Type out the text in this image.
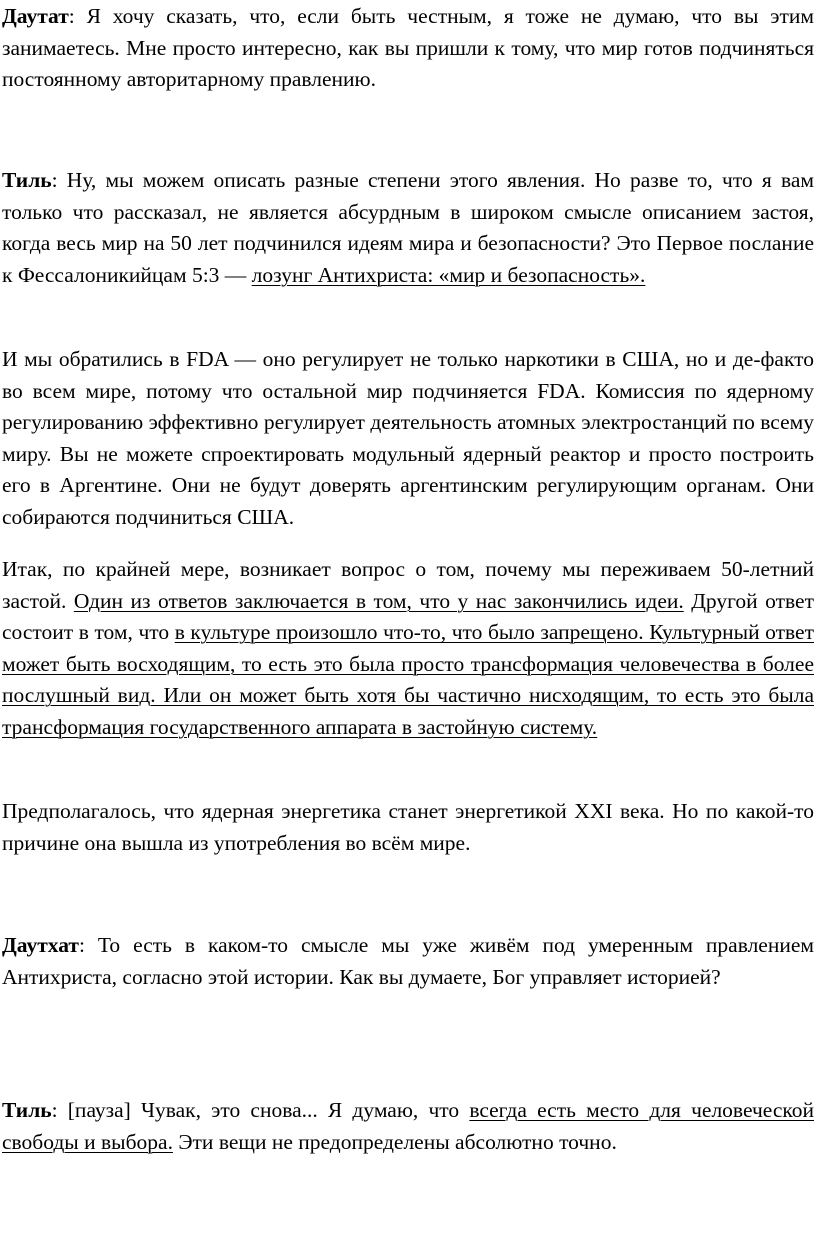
Даутат: Я хочу сказать, что, если быть честным, я тоже не думаю, что вы этим занимаетесь. Мне просто интересно, как вы пришли к тому, что мир готов подчиняться постоянному авторитарному правлению.

Тиль: Ну, мы можем описать разные степени этого явления. Но разве то, что я вам только что рассказал, не является абсурдным в широком смысле описанием застоя, когда весь мир на 50 лет подчинился идеям мира и безопасности? Это Первое послание к Фессалоникийцам 5:3 — лозунг Антихриста: «мир и безопасность».

И мы обратились в FDA — оно регулирует не только наркотики в США, но и де-факто во всем мире, потому что остальной мир подчиняется FDA. Комиссия по ядерному регулированию эффективно регулирует деятельность атомных электростанций по всему миру. Вы не можете спроектировать модульный ядерный реактор и просто построить его в Аргентине. Они не будут доверять аргентинским регулирующим органам. Они собираются подчиниться США.

Итак, по крайней мере, возникает вопрос о том, почему мы переживаем 50-летний застой. Один из ответов заключается в том, что у нас закончились идеи. Другой ответ состоит в том, что в культуре произошло что-то, что было запрещено. Культурный ответ может быть восходящим, то есть это была просто трансформация человечества в более послушный вид. Или он может быть хотя бы частично нисходящим, то есть это была трансформация государственного аппарата в застойную систему.

Предполагалось, что ядерная энергетика станет энергетикой XXI века. Но по какой-то причине она вышла из употребления во всём мире.

Даутхат: То есть в каком-то смысле мы уже живём под умеренным правлением Антихриста, согласно этой истории. Как вы думаете, Бог управляет историей?

Тиль: [пауза] Чувак, это снова... Я думаю, что всегда есть место для человеческой свободы и выбора. Эти вещи не предопределены абсолютно точно.
